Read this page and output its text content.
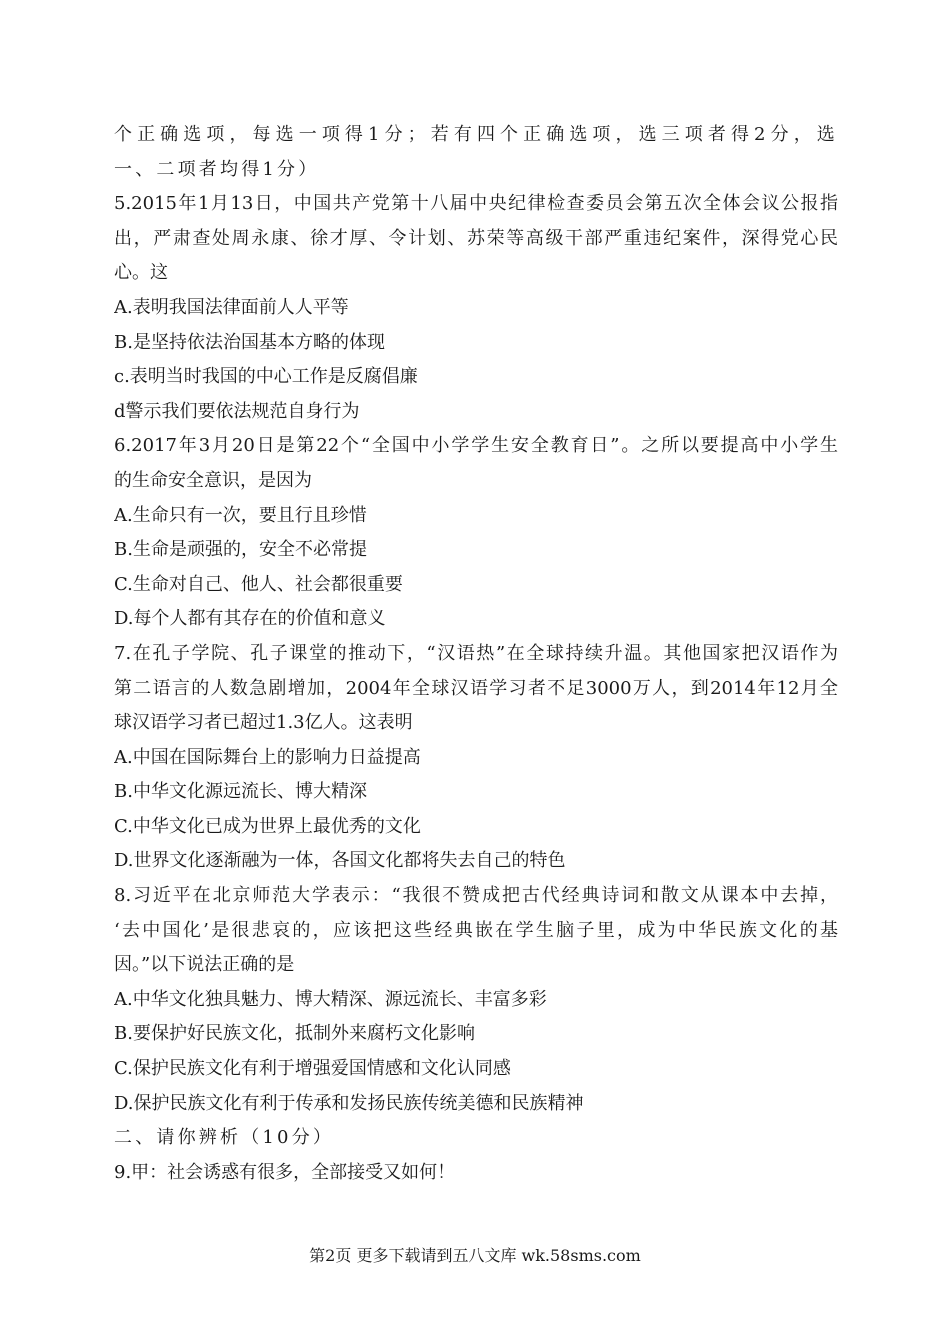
个正确选项，每选一项得1分；若有四个正确选项，选三项者得2分，选
一、二项者均得1分）
5.2015年1月13日，中国共产党第十八届中央纪律检查委员会第五次全体会议公报指
出，严肃查处周永康、徐才厚、令计划、苏荣等高级干部严重违纪案件，深得党心民
心。这
A.表明我国法律面前人人平等
B.是坚持依法治国基本方略的体现
c.表明当时我国的中心工作是反腐倡廉
d警示我们要依法规范自身行为
6.2017年3月20日是第22个“全国中小学学生安全教育日”。之所以要提高中小学生
的生命安全意识，是因为
A.生命只有一次，要且行且珍惜
B.生命是顽强的，安全不必常提
C.生命对自己、他人、社会都很重要
D.每个人都有其存在的价值和意义
7.在孔子学院、孔子课堂的推动下，“汉语热”在全球持续升温。其他国家把汉语作为
第二语言的人数急剧增加，2004年全球汉语学习者不足3000万人，到2014年12月全
球汉语学习者已超过1.3亿人。这表明
A.中国在国际舞台上的影响力日益提高
B.中华文化源远流长、博大精深
C.中华文化已成为世界上最优秀的文化
D.世界文化逐渐融为一体，各国文化都将失去自己的特色
8.习近平在北京师范大学表示：“我很不赞成把古代经典诗词和散文从课本中去掉，
‘去中国化’是很悲哀的，应该把这些经典嵌在学生脑子里，成为中华民族文化的基
因。”以下说法正确的是
A.中华文化独具魅力、博大精深、源远流长、丰富多彩
B.要保护好民族文化，抵制外来腐朽文化影响
C.保护民族文化有利于增强爱国情感和文化认同感
D.保护民族文化有利于传承和发扬民族传统美德和民族精神
二、请你辨析（10分）
9.甲：社会诱惑有很多，全部接受又如何！
第2页 更多下载请到五八文库 wk.58sms.com
